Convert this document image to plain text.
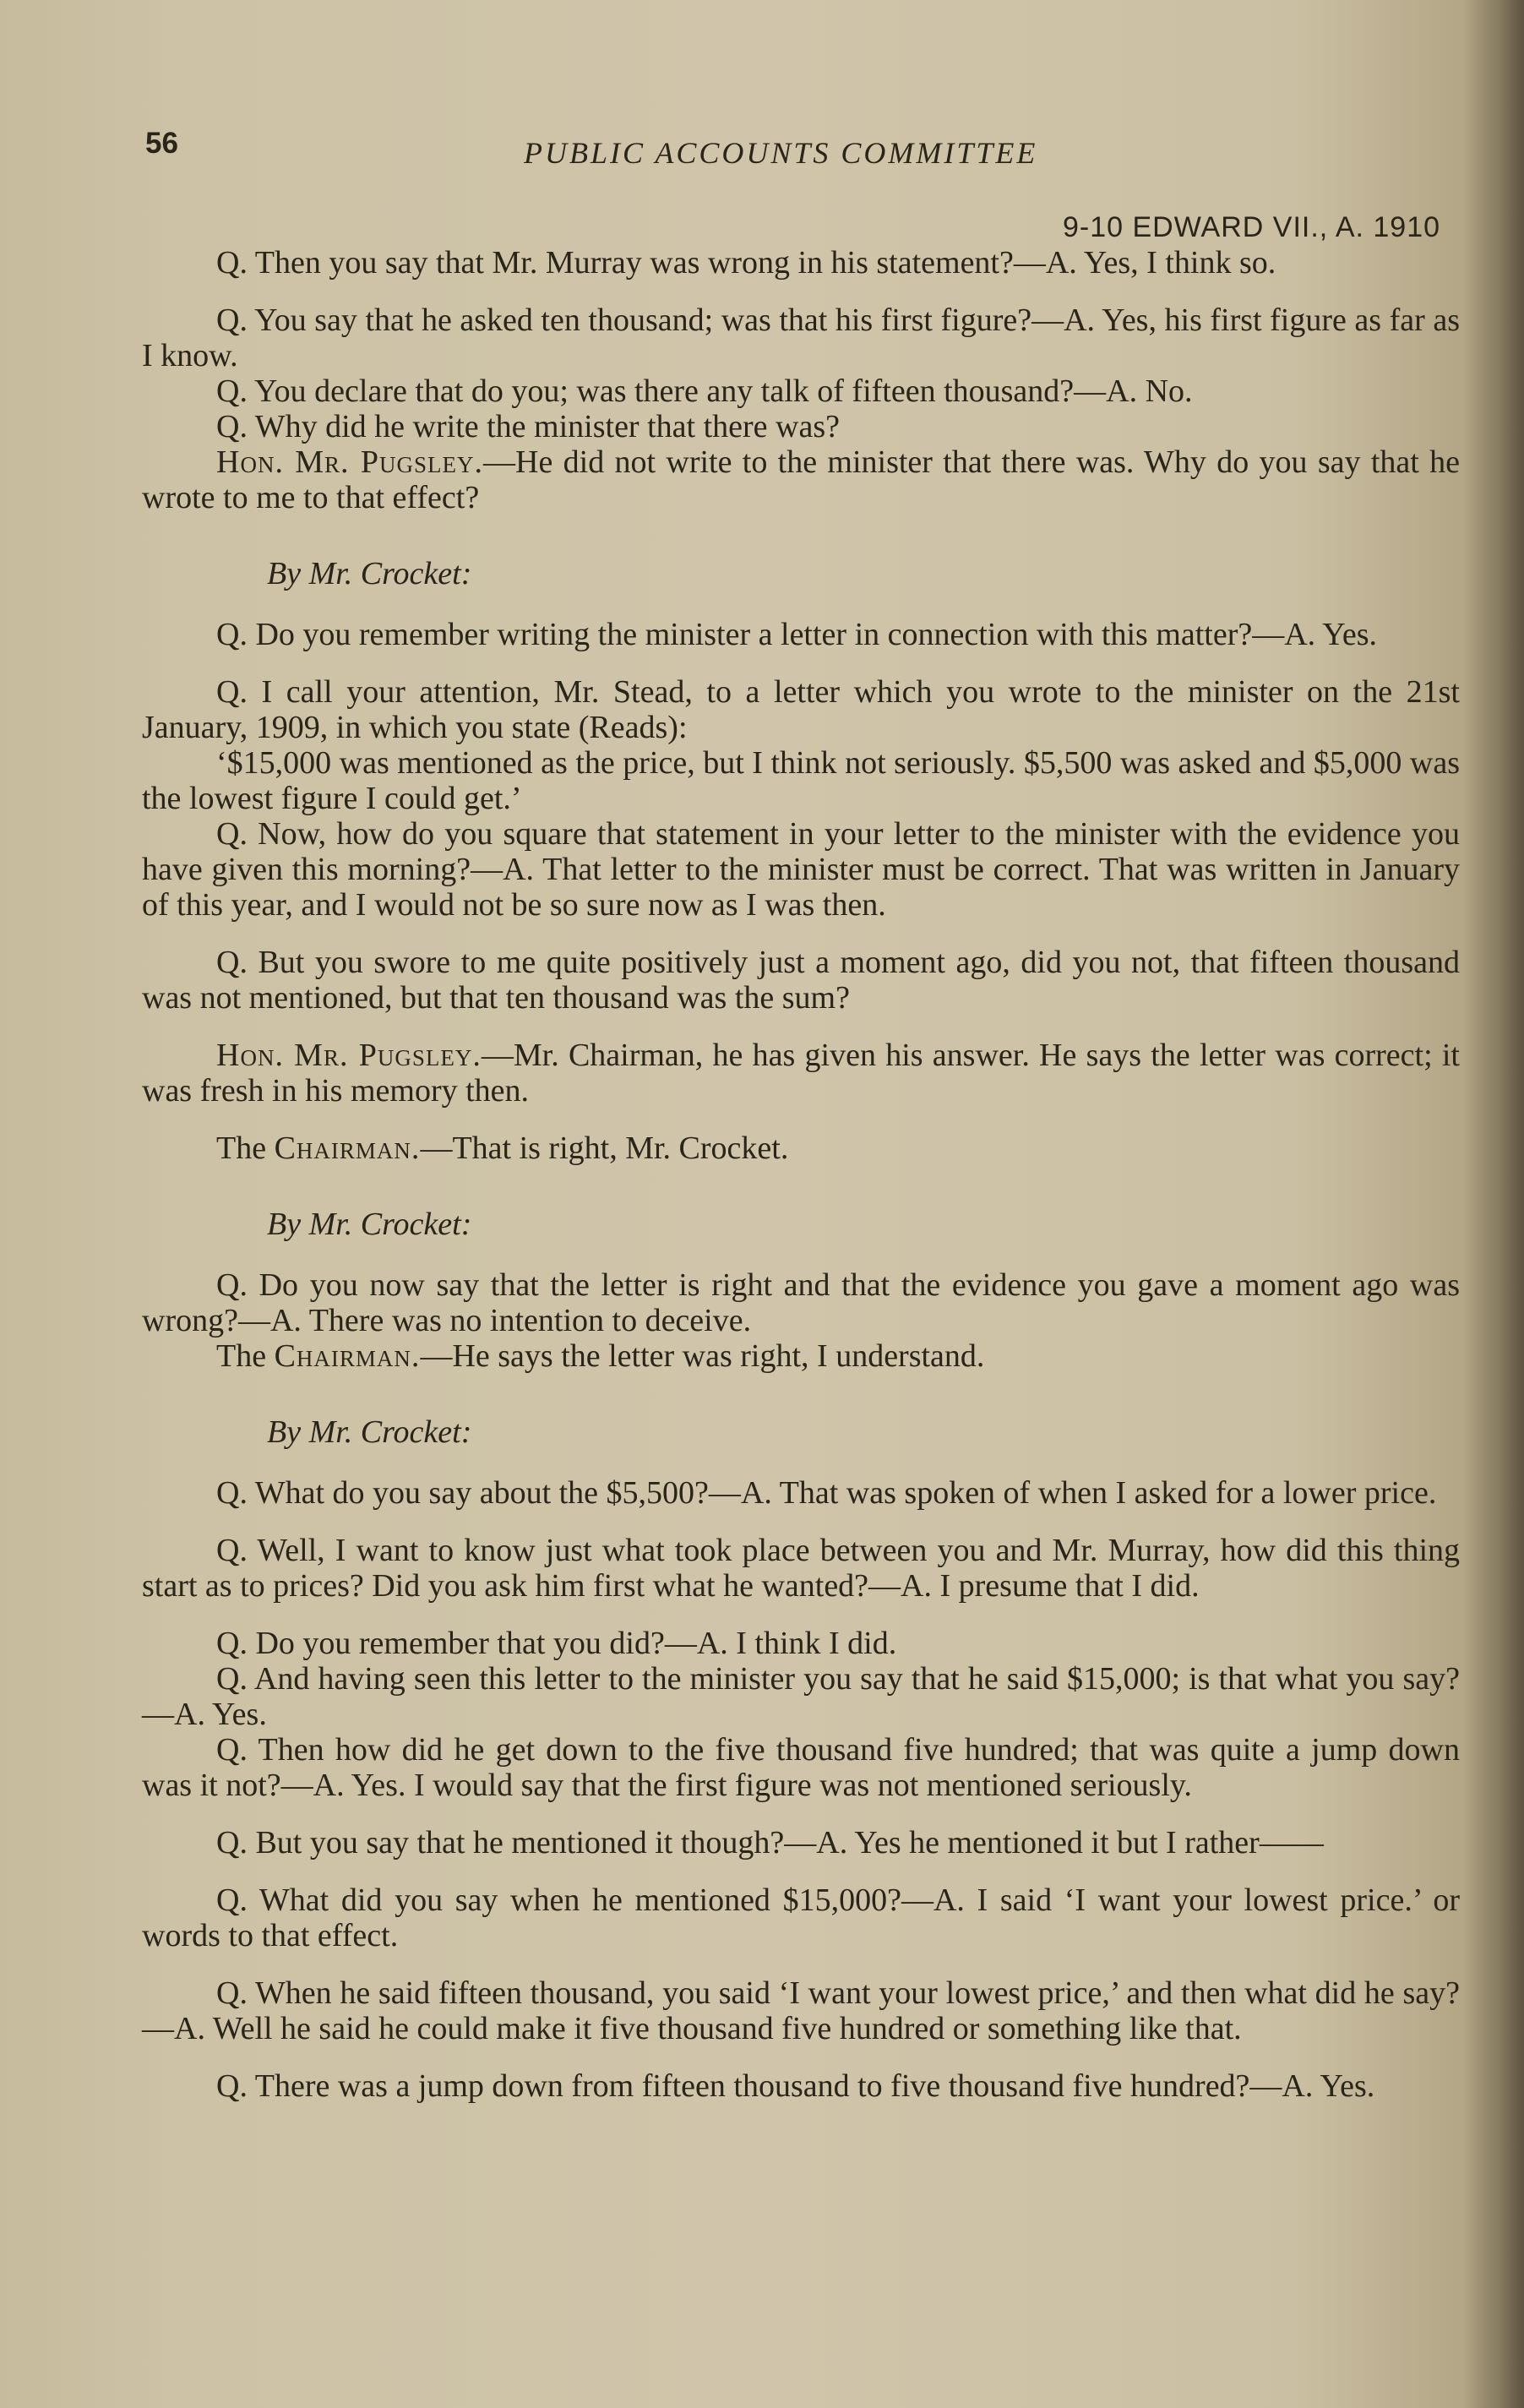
56	PUBLIC ACCOUNTS COMMITTEE
9-10 EDWARD VII., A. 1910

Q. Then you say that Mr. Murray was wrong in his statement?—A. Yes, I think so.

Q. You say that he asked ten thousand; was that his first figure?—A. Yes, his first figure as far as I know.

Q. You declare that do you; was there any talk of fifteen thousand?—A. No.

Q. Why did he write the minister that there was?

Hon. Mr. Pugsley.—He did not write to the minister that there was. Why do you say that he wrote to me to that effect?

By Mr. Crocket:

Q. Do you remember writing the minister a letter in connection with this matter?—A. Yes.

Q. I call your attention, Mr. Stead, to a letter which you wrote to the minister on the 21st January, 1909, in which you state (Reads):

‘$15,000 was mentioned as the price, but I think not seriously. $5,500 was asked and $5,000 was the lowest figure I could get.’

Q. Now, how do you square that statement in your letter to the minister with the evidence you have given this morning?—A. That letter to the minister must be correct. That was written in January of this year, and I would not be so sure now as I was then.

Q. But you swore to me quite positively just a moment ago, did you not, that fifteen thousand was not mentioned, but that ten thousand was the sum?

Hon. Mr. Pugsley.—Mr. Chairman, he has given his answer. He says the letter was correct; it was fresh in his memory then.

The Chairman.—That is right, Mr. Crocket.

By Mr. Crocket:

Q. Do you now say that the letter is right and that the evidence you gave a moment ago was wrong?—A. There was no intention to deceive.

The Chairman.—He says the letter was right, I understand.

By Mr. Crocket:

Q. What do you say about the $5,500?—A. That was spoken of when I asked for a lower price.

Q. Well, I want to know just what took place between you and Mr. Murray, how did this thing start as to prices? Did you ask him first what he wanted?—A. I presume that I did.

Q. Do you remember that you did?—A. I think I did.

Q. And having seen this letter to the minister you say that he said $15,000; is that what you say?—A. Yes.

Q. Then how did he get down to the five thousand five hundred; that was quite a jump down was it not?—A. Yes. I would say that the first figure was not mentioned seriously.

Q. But you say that he mentioned it though?—A. Yes he mentioned it but I rather——

Q. What did you say when he mentioned $15,000?—A. I said ‘I want your lowest price.’ or words to that effect.

Q. When he said fifteen thousand, you said ‘I want your lowest price,’ and then what did he say?—A. Well he said he could make it five thousand five hundred or something like that.

Q. There was a jump down from fifteen thousand to five thousand five hundred?—A. Yes.
